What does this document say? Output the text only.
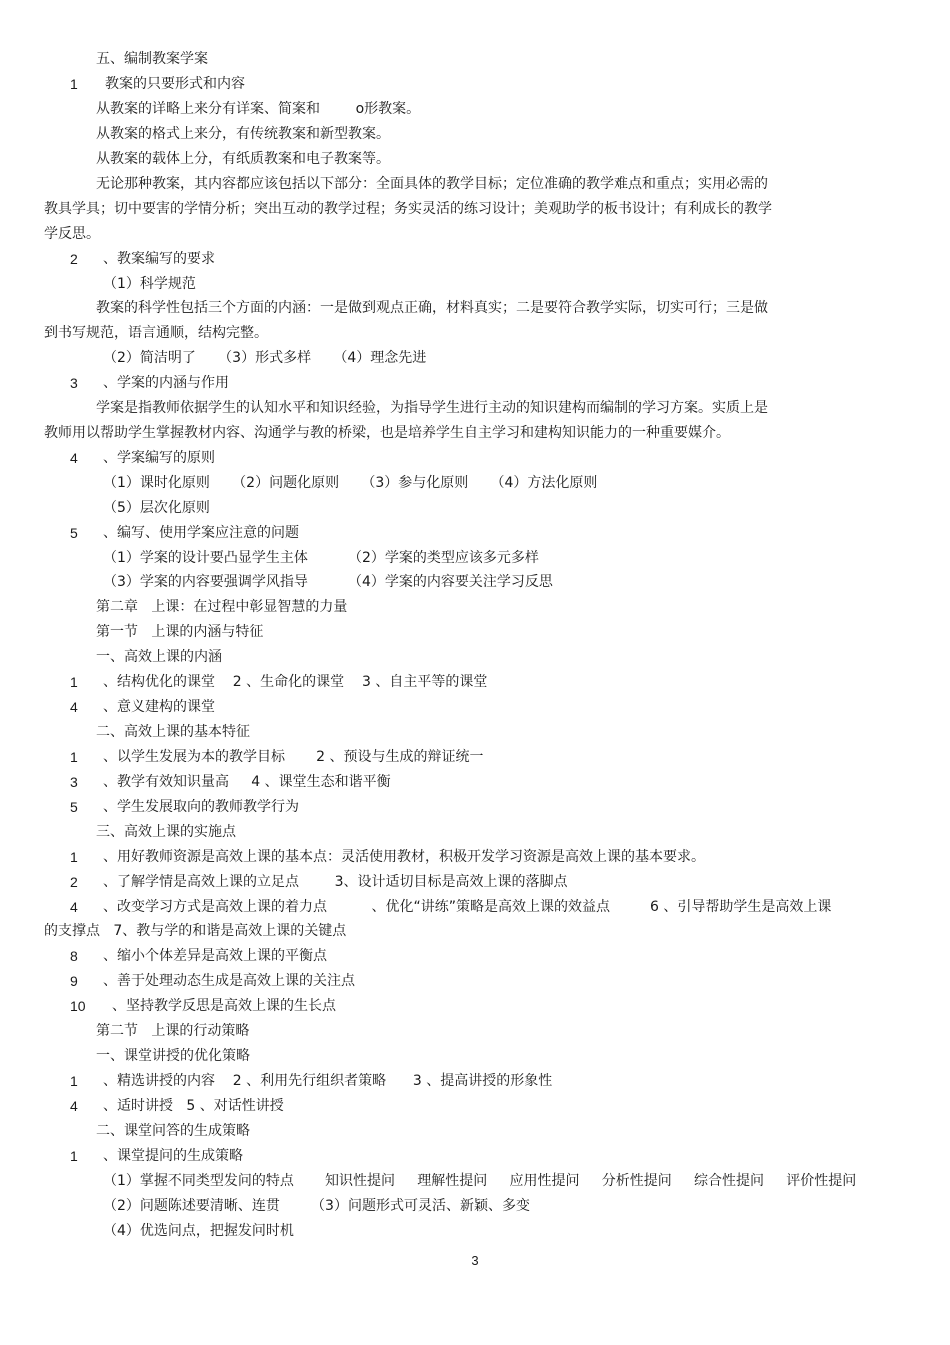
五、编制教案学案
1 教案的只要形式和内容
从教案的详略上来分有详案、简案和        o形教案。
从教案的格式上来分，有传统教案和新型教案。
从教案的载体上分，有纸质教案和电子教案等。
无论那种教案，其内容都应该包括以下部分：全面具体的教学目标；定位准确的教学难点和重点；实用必需的
教具学具；切中要害的学情分析；突出互动的教学过程；务实灵活的练习设计；美观助学的板书设计；有利成长的教学
学反思。
2 、教案编写的要求
（1）科学规范
教案的科学性包括三个方面的内涵：一是做到观点正确，材料真实；二是要符合教学实际，切实可行；三是做
到书写规范，语言通顺，结构完整。
（2）简洁明了     （3）形式多样     （4）理念先进
3 、学案的内涵与作用
学案是指教师依据学生的认知水平和知识经验，为指导学生进行主动的知识建构而编制的学习方案。实质上是
教师用以帮助学生掌握教材内容、沟通学与教的桥梁，也是培养学生自主学习和建构知识能力的一种重要媒介。
4 、学案编写的原则
（1）课时化原则     （2）问题化原则     （3）参与化原则     （4）方法化原则
（5）层次化原则
5 、编写、使用学案应注意的问题
（1）学案的设计要凸显学生主体         （2）学案的类型应该多元多样
（3）学案的内容要强调学风指导         （4）学案的内容要关注学习反思
第二章   上课：在过程中彰显智慧的力量
第一节   上课的内涵与特征
一、高效上课的内涵
1 、结构优化的课堂    2 、生命化的课堂    3 、自主平等的课堂
4 、意义建构的课堂
二、高效上课的基本特征
1 、以学生发展为本的教学目标       2 、预设与生成的辩证统一
3 、教学有效知识量高     4 、课堂生态和谐平衡
5 、学生发展取向的教师教学行为
三、高效上课的实施点
1 、用好教师资源是高效上课的基本点：灵活使用教材，积极开发学习资源是高效上课的基本要求。
2 、了解学情是高效上课的立足点        3、设计适切目标是高效上课的落脚点
4 、改变学习方式是高效上课的着力点          、优化“讲练”策略是高效上课的效益点         6 、引导帮助学生是高效上课
的支撑点   7、教与学的和谐是高效上课的关键点
8 、缩小个体差异是高效上课的平衡点
9 、善于处理动态生成是高效上课的关注点
10 、坚持教学反思是高效上课的生长点
第二节   上课的行动策略
一、课堂讲授的优化策略
1 、精选讲授的内容    2 、利用先行组织者策略      3 、提高讲授的形象性
4 、适时讲授   5 、对话性讲授
二、课堂问答的生成策略
1 、课堂提问的生成策略
（1）掌握不同类型发问的特点       知识性提问     理解性提问     应用性提问     分析性提问     综合性提问     评价性提问
（2）问题陈述要清晰、连贯       （3）问题形式可灵活、新颖、多变
（4）优选问点，把握发问时机
3
